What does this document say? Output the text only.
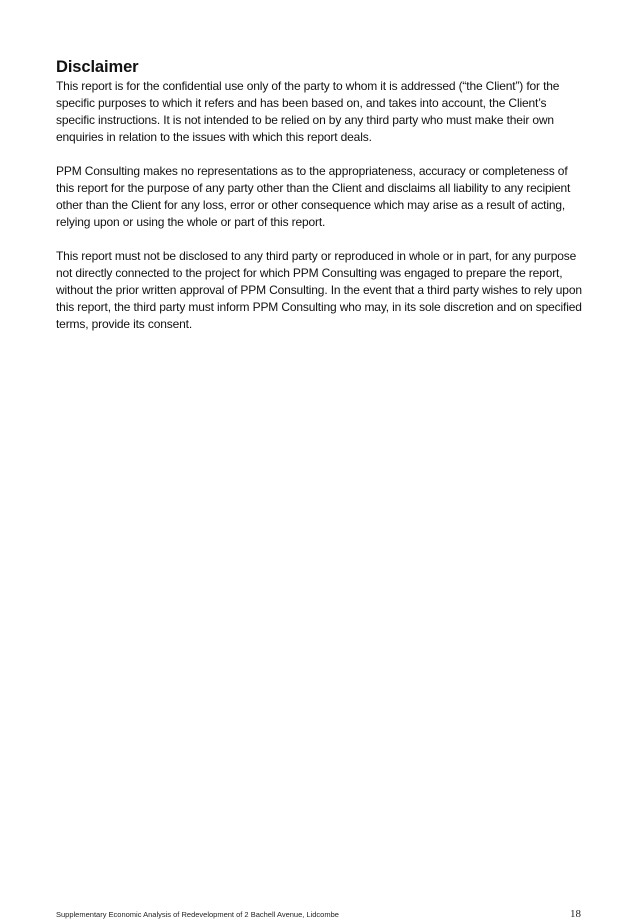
Disclaimer

This report is for the confidential use only of the party to whom it is addressed (“the Client”) for the specific purposes to which it refers and has been based on, and takes into account, the Client’s specific instructions. It is not intended to be relied on by any third party who must make their own enquiries in relation to the issues with which this report deals.

PPM Consulting makes no representations as to the appropriateness, accuracy or completeness of this report for the purpose of any party other than the Client and disclaims all liability to any recipient other than the Client for any loss, error or other consequence which may arise as a result of acting, relying upon or using the whole or part of this report.

This report must not be disclosed to any third party or reproduced in whole or in part, for any purpose not directly connected to the project for which PPM Consulting was engaged to prepare the report, without the prior written approval of PPM Consulting. In the event that a third party wishes to rely upon this report, the third party must inform PPM Consulting who may, in its sole discretion and on specified terms, provide its consent.

Supplementary Economic Analysis of Redevelopment of 2 Bachell Avenue, Lidcombe	18
